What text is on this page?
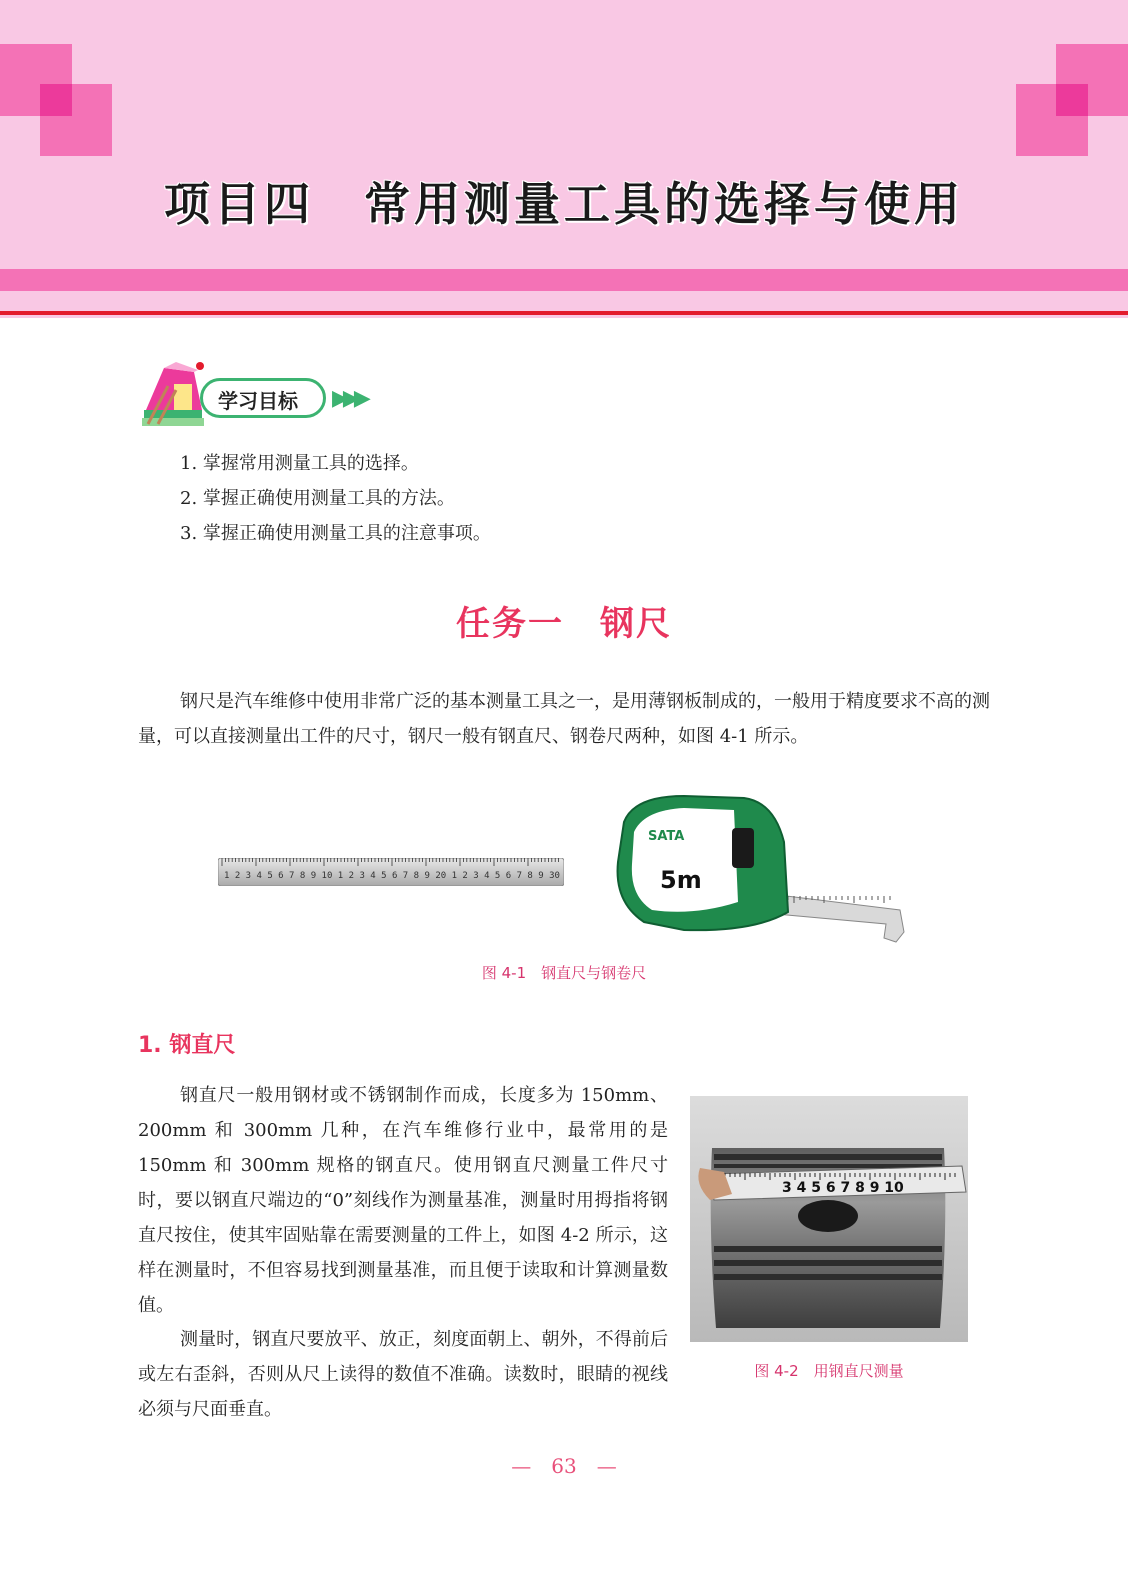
项目四　常用测量工具的选择与使用
学习目标 ▶▶▶
1. 掌握常用测量工具的选择。
2. 掌握正确使用测量工具的方法。
3. 掌握正确使用测量工具的注意事项。
任务一　钢尺

钢尺是汽车维修中使用非常广泛的基本测量工具之一，是用薄钢板制成的，一般用于精度要求不高的测量，可以直接测量出工件的尺寸，钢尺一般有钢直尺、钢卷尺两种，如图 4-1 所示。

1 2 3 4 5 6 7 8 9 10 1 2 3 4 5 6 7 8 9 20 1 2 3 4 5 6 7 8 9 30
SATA
5m
图 4-1　钢直尺与钢卷尺
1. 钢直尺

钢直尺一般用钢材或不锈钢制作而成，长度多为 150mm、200mm 和 300mm 几种，在汽车维修行业中，最常用的是 150mm 和 300mm 规格的钢直尺。使用钢直尺测量工件尺寸时，要以钢直尺端边的“0”刻线作为测量基准，测量时用拇指将钢直尺按住，使其牢固贴靠在需要测量的工件上，如图 4-2 所示，这样在测量时，不但容易找到测量基准，而且便于读取和计算测量数值。

测量时，钢直尺要放平、放正，刻度面朝上、朝外，不得前后或左右歪斜，否则从尺上读得的数值不准确。读数时，眼睛的视线必须与尺面垂直。

3 4 5 6 7 8 9 10
图 4-2　用钢直尺测量
—　63　—
